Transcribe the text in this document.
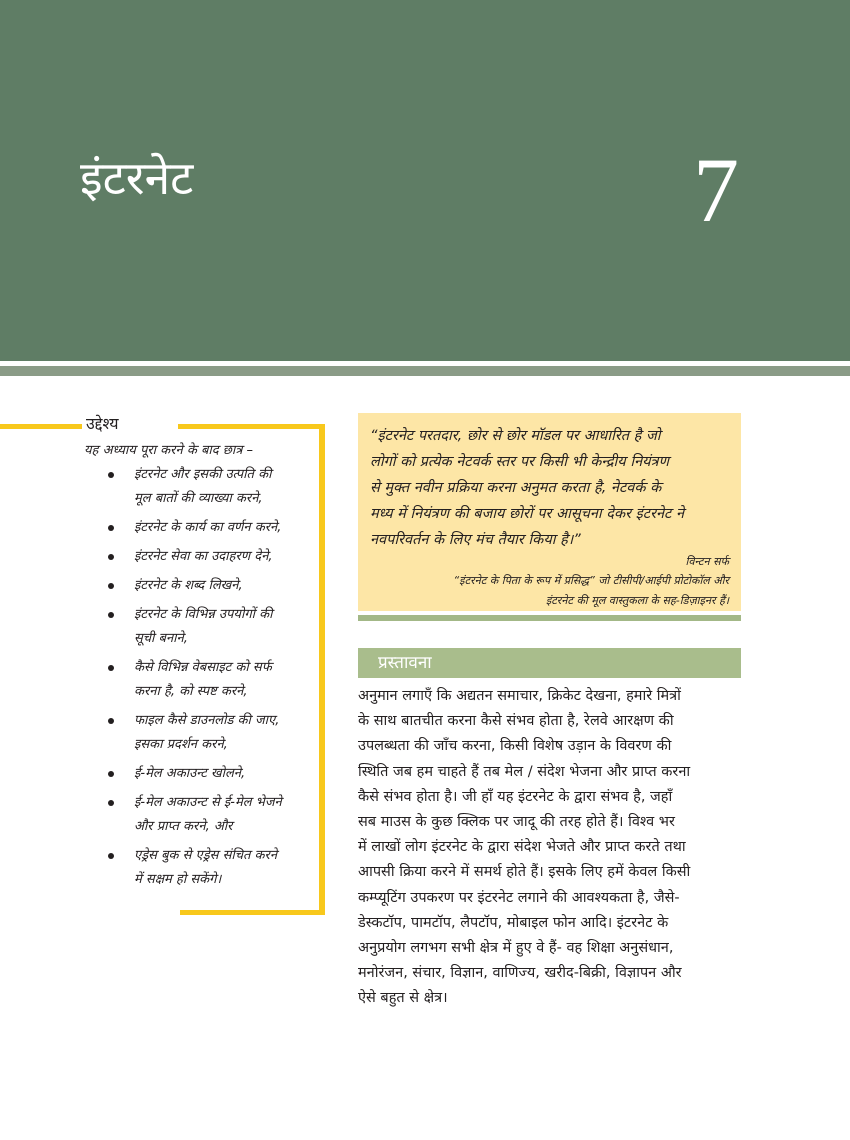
इंटरनेट	7
उद्देश्य
यह अध्याय पूरा करने के बाद छात्र –
इंटरनेट और इसकी उत्पति की
मूल बातों की व्याख्या करने,
इंटरनेट के कार्य का वर्णन करने,
इंटरनेट सेवा का उदाहरण देने,
इंटरनेट के शब्द लिखने,
इंटरनेट के विभिन्न उपयोगों की
सूची बनाने,
कैसे विभिन्न वेबसाइट को सर्फ
करना है, को स्पष्ट करने,
फाइल कैसे डाउनलोड की जाए,
इसका प्रदर्शन करने,
ई-मेल अकाउन्ट खोलने,
ई-मेल अकाउन्ट से ई-मेल भेजने
और प्राप्त करने, और
एड्रेस बुक से एड्रेस संचित करने
में सक्षम हो सकेंगे।
“इंटरनेट परतदार, छोर से छोर मॉडल पर आधारित है जो
लोगों को प्रत्येक नेटवर्क स्तर पर किसी भी केन्द्रीय नियंत्रण
से मुक्त नवीन प्रक्रिया करना अनुमत करता है, नेटवर्क के
मध्य में नियंत्रण की बजाय छोरों पर आसूचना देकर इंटरनेट ने
नवपरिवर्तन के लिए मंच तैयार किया है।”
विन्टन सर्फ
“इंटरनेट के पिता के रूप में प्रसिद्ध” जो टीसीपी/आईपी प्रोटोकॉल और
इंटरनेट की मूल वास्तुकला के सह-डिज़ाइनर हैं।
प्रस्तावना
अनुमान लगाएँ कि अद्यतन समाचार, क्रिकेट देखना, हमारे मित्रों
के साथ बातचीत करना कैसे संभव होता है, रेलवे आरक्षण की
उपलब्धता की जाँच करना, किसी विशेष उड़ान के विवरण की
स्थिति जब हम चाहते हैं तब मेल / संदेश भेजना और प्राप्त करना
कैसे संभव होता है। जी हाँ यह इंटरनेट के द्वारा संभव है, जहाँ
सब माउस के कुछ क्लिक पर जादू की तरह होते हैं। विश्व भर
में लाखों लोग इंटरनेट के द्वारा संदेश भेजते और प्राप्त करते तथा
आपसी क्रिया करने में समर्थ होते हैं। इसके लिए हमें केवल किसी
कम्प्यूटिंग उपकरण पर इंटरनेट लगाने की आवश्यकता है, जैसे-
डेस्कटॉप, पामटॉप, लैपटॉप, मोबाइल फोन आदि। इंटरनेट के
अनुप्रयोग लगभग सभी क्षेत्र में हुए वे हैं- वह शिक्षा अनुसंधान,
मनोरंजन, संचार, विज्ञान, वाणिज्य, खरीद-बिक्री, विज्ञापन और
ऐसे बहुत से क्षेत्र।
